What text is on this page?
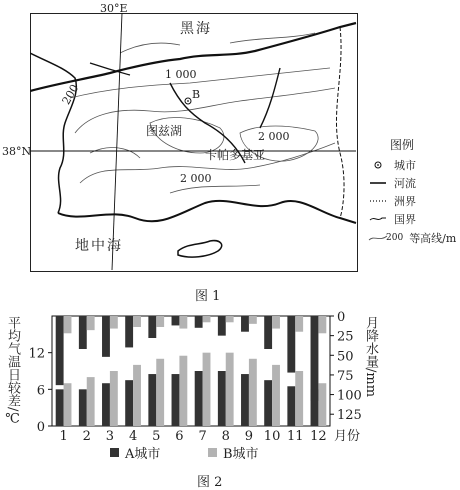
30°E
38°N
黑海
地中海
图兹湖
卡帕多基亚
B
1 000
2 000
2 000
200
图例
城市
河流
洲界
国界
200 等高线/m
图 1
平均气温日较差/℃	月降水量/mm
1 2 3 4 5 6 7 8 9 10 11 12 月份
0
6
12
0
25
50
75
100
125
A城市	B城市
图 2
